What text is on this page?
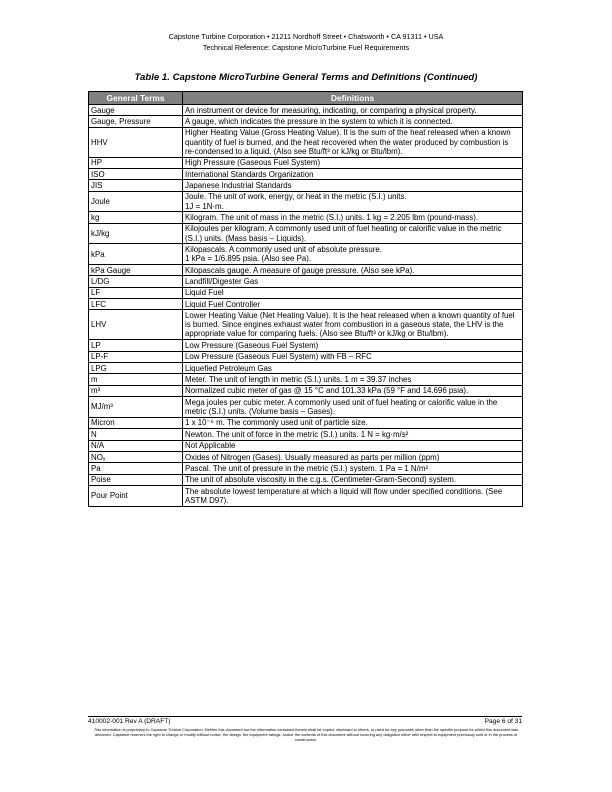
Capstone Turbine Corporation • 21211 Nordhoff Street • Chatsworth • CA 91311 • USA
Technical Reference: Capstone MicroTurbine Fuel Requirements
Table 1. Capstone MicroTurbine General Terms and Definitions (Continued)
General Terms	Definitions
Gauge	An instrument or device for measuring, indicating, or comparing a physical property.
Gauge, Pressure	A gauge, which indicates the pressure in the system to which it is connected.
HHV	Higher Heating Value (Gross Heating Value). It is the sum of the heat released when a known quantity of fuel is burned, and the heat recovered when the water produced by combustion is re-condensed to a liquid. (Also see Btu/ft³ or kJ/kg or Btu/lbm).
HP	High Pressure (Gaseous Fuel System)
ISO	International Standards Organization
JIS	Japanese Industrial Standards
Joule	Joule. The unit of work, energy, or heat in the metric (S.I.) units.
1J = 1N·m.
kg	Kilogram. The unit of mass in the metric (S.I.) units. 1 kg = 2.205 lbm (pound-mass).
kJ/kg	Kilojoules per kilogram. A commonly used unit of fuel heating or calorific value in the metric (S.I.) units. (Mass basis – Liquids).
kPa	Kilopascals. A commonly used unit of absolute pressure.
1 kPa = 1/6.895 psia. (Also see Pa).
kPa Gauge	Kilopascals gauge. A measure of gauge pressure. (Also see kPa).
L/DG	Landfill/Digester Gas
LF	Liquid Fuel
LFC	Liquid Fuel Controller
LHV	Lower Heating Value (Net Heating Value). It is the heat released when a known quantity of fuel is burned. Since engines exhaust water from combustion in a gaseous state, the LHV is the appropriate value for comparing fuels. (Also see Btu/ft³ or kJ/kg or Btu/lbm).
LP	Low Pressure (Gaseous Fuel System)
LP-F	Low Pressure (Gaseous Fuel System) with FB – RFC
LPG	Liquefied Petroleum Gas
m	Meter. The unit of length in metric (S.I.) units. 1 m = 39.37 inches
m³	Normalized cubic meter of gas @ 15 °C and 101.33 kPa (59 °F and 14.696 psia).
MJ/m³	Mega joules per cubic meter. A commonly used unit of fuel heating or calorific value in the metric (S.I.) units. (Volume basis – Gases).
Micron	1 x 10⁻⁶ m. The commonly used unit of particle size.
N	Newton. The unit of force in the metric (S.I.) units. 1 N = kg·m/s²
N/A	Not Applicable
NOₓ	Oxides of Nitrogen (Gases). Usually measured as parts per million (ppm)
Pa	Pascal. The unit of pressure in the metric (S.I.) system. 1 Pa = 1 N/m²
Poise	The unit of absolute viscosity in the c.g.s. (Centimeter-Gram-Second) system.
Pour Point	The absolute lowest temperature at which a liquid will flow under specified conditions. (See ASTM D97).
410002-001 Rev A (DRAFT)	Page 6 of 31
This information is proprietary to Capstone Turbine Corporation. Neither this document nor the information contained therein shall be copied, disclosed to others, or used for any purposes other than the specific purpose for which this document was delivered. Capstone reserves the right to change or modify without notice, the design, the equipment ratings, and/or the contents of this document without incurring any obligation either with respect to equipment previously sold or in the process of construction.
